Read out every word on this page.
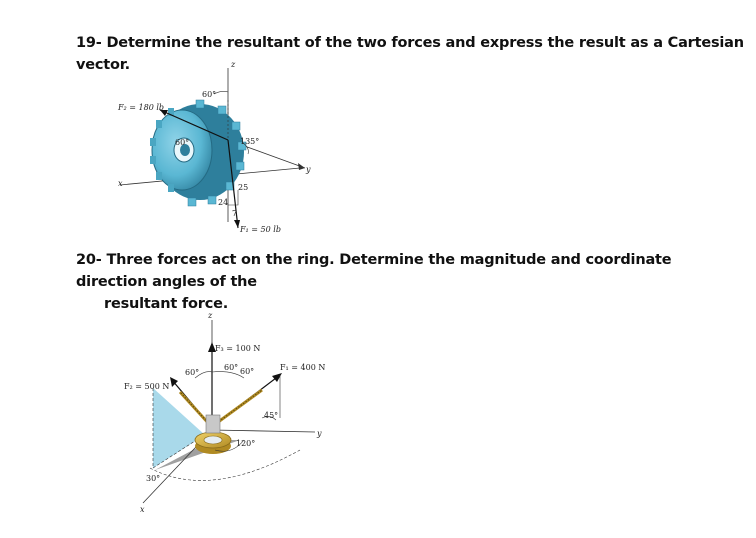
19- Determine the resultant of the two forces and express the result as a Cartesian vector.
20- Three forces act on the ring. Determine the magnitude and coordinate direction angles of the
resultant force.
F₂ = 180 lb
60°
60°	135°
z
y
x	25
24
7
F₁ = 50 lb
F₃ = 100 N
F₂ = 500 N
F₁ = 400 N
60°
60° 60°
45°
120°
30°
z
y
x
